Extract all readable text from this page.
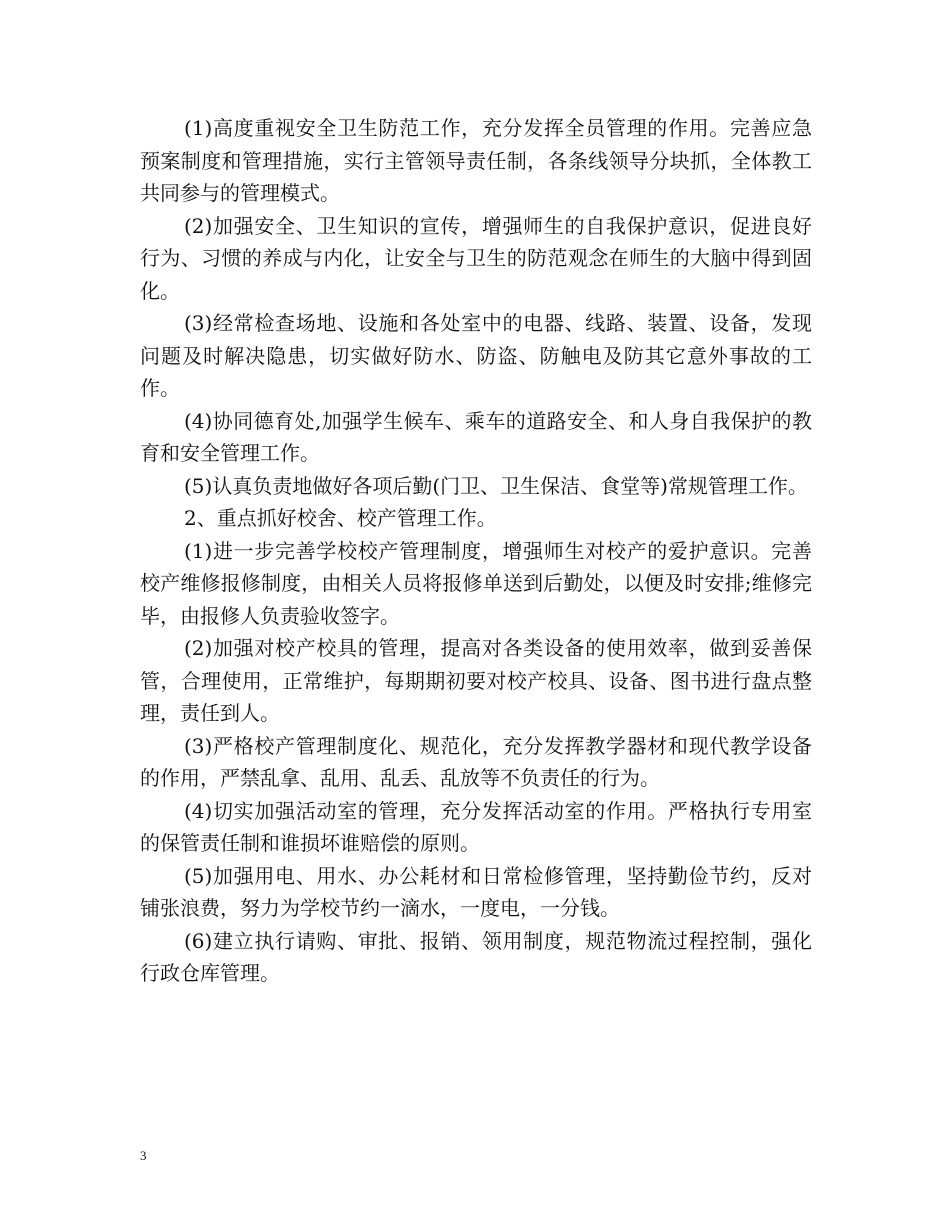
(1)高度重视安全卫生防范工作，充分发挥全员管理的作用。完善应急预案制度和管理措施，实行主管领导责任制，各条线领导分块抓，全体教工共同参与的管理模式。

(2)加强安全、卫生知识的宣传，增强师生的自我保护意识，促进良好行为、习惯的养成与内化，让安全与卫生的防范观念在师生的大脑中得到固化。

(3)经常检查场地、设施和各处室中的电器、线路、装置、设备，发现问题及时解决隐患，切实做好防水、防盗、防触电及防其它意外事故的工作。

(4)协同德育处,加强学生候车、乘车的道路安全、和人身自我保护的教育和安全管理工作。

(5)认真负责地做好各项后勤(门卫、卫生保洁、食堂等)常规管理工作。

2、重点抓好校舍、校产管理工作。

(1)进一步完善学校校产管理制度，增强师生对校产的爱护意识。完善校产维修报修制度，由相关人员将报修单送到后勤处，以便及时安排;维修完毕，由报修人负责验收签字。

(2)加强对校产校具的管理，提高对各类设备的使用效率，做到妥善保管，合理使用，正常维护，每期期初要对校产校具、设备、图书进行盘点整理，责任到人。

(3)严格校产管理制度化、规范化，充分发挥教学器材和现代教学设备的作用，严禁乱拿、乱用、乱丢、乱放等不负责任的行为。

(4)切实加强活动室的管理，充分发挥活动室的作用。严格执行专用室的保管责任制和谁损坏谁赔偿的原则。

(5)加强用电、用水、办公耗材和日常检修管理，坚持勤俭节约，反对铺张浪费，努力为学校节约一滴水，一度电，一分钱。

(6)建立执行请购、审批、报销、领用制度，规范物流过程控制，强化行政仓库管理。

3
